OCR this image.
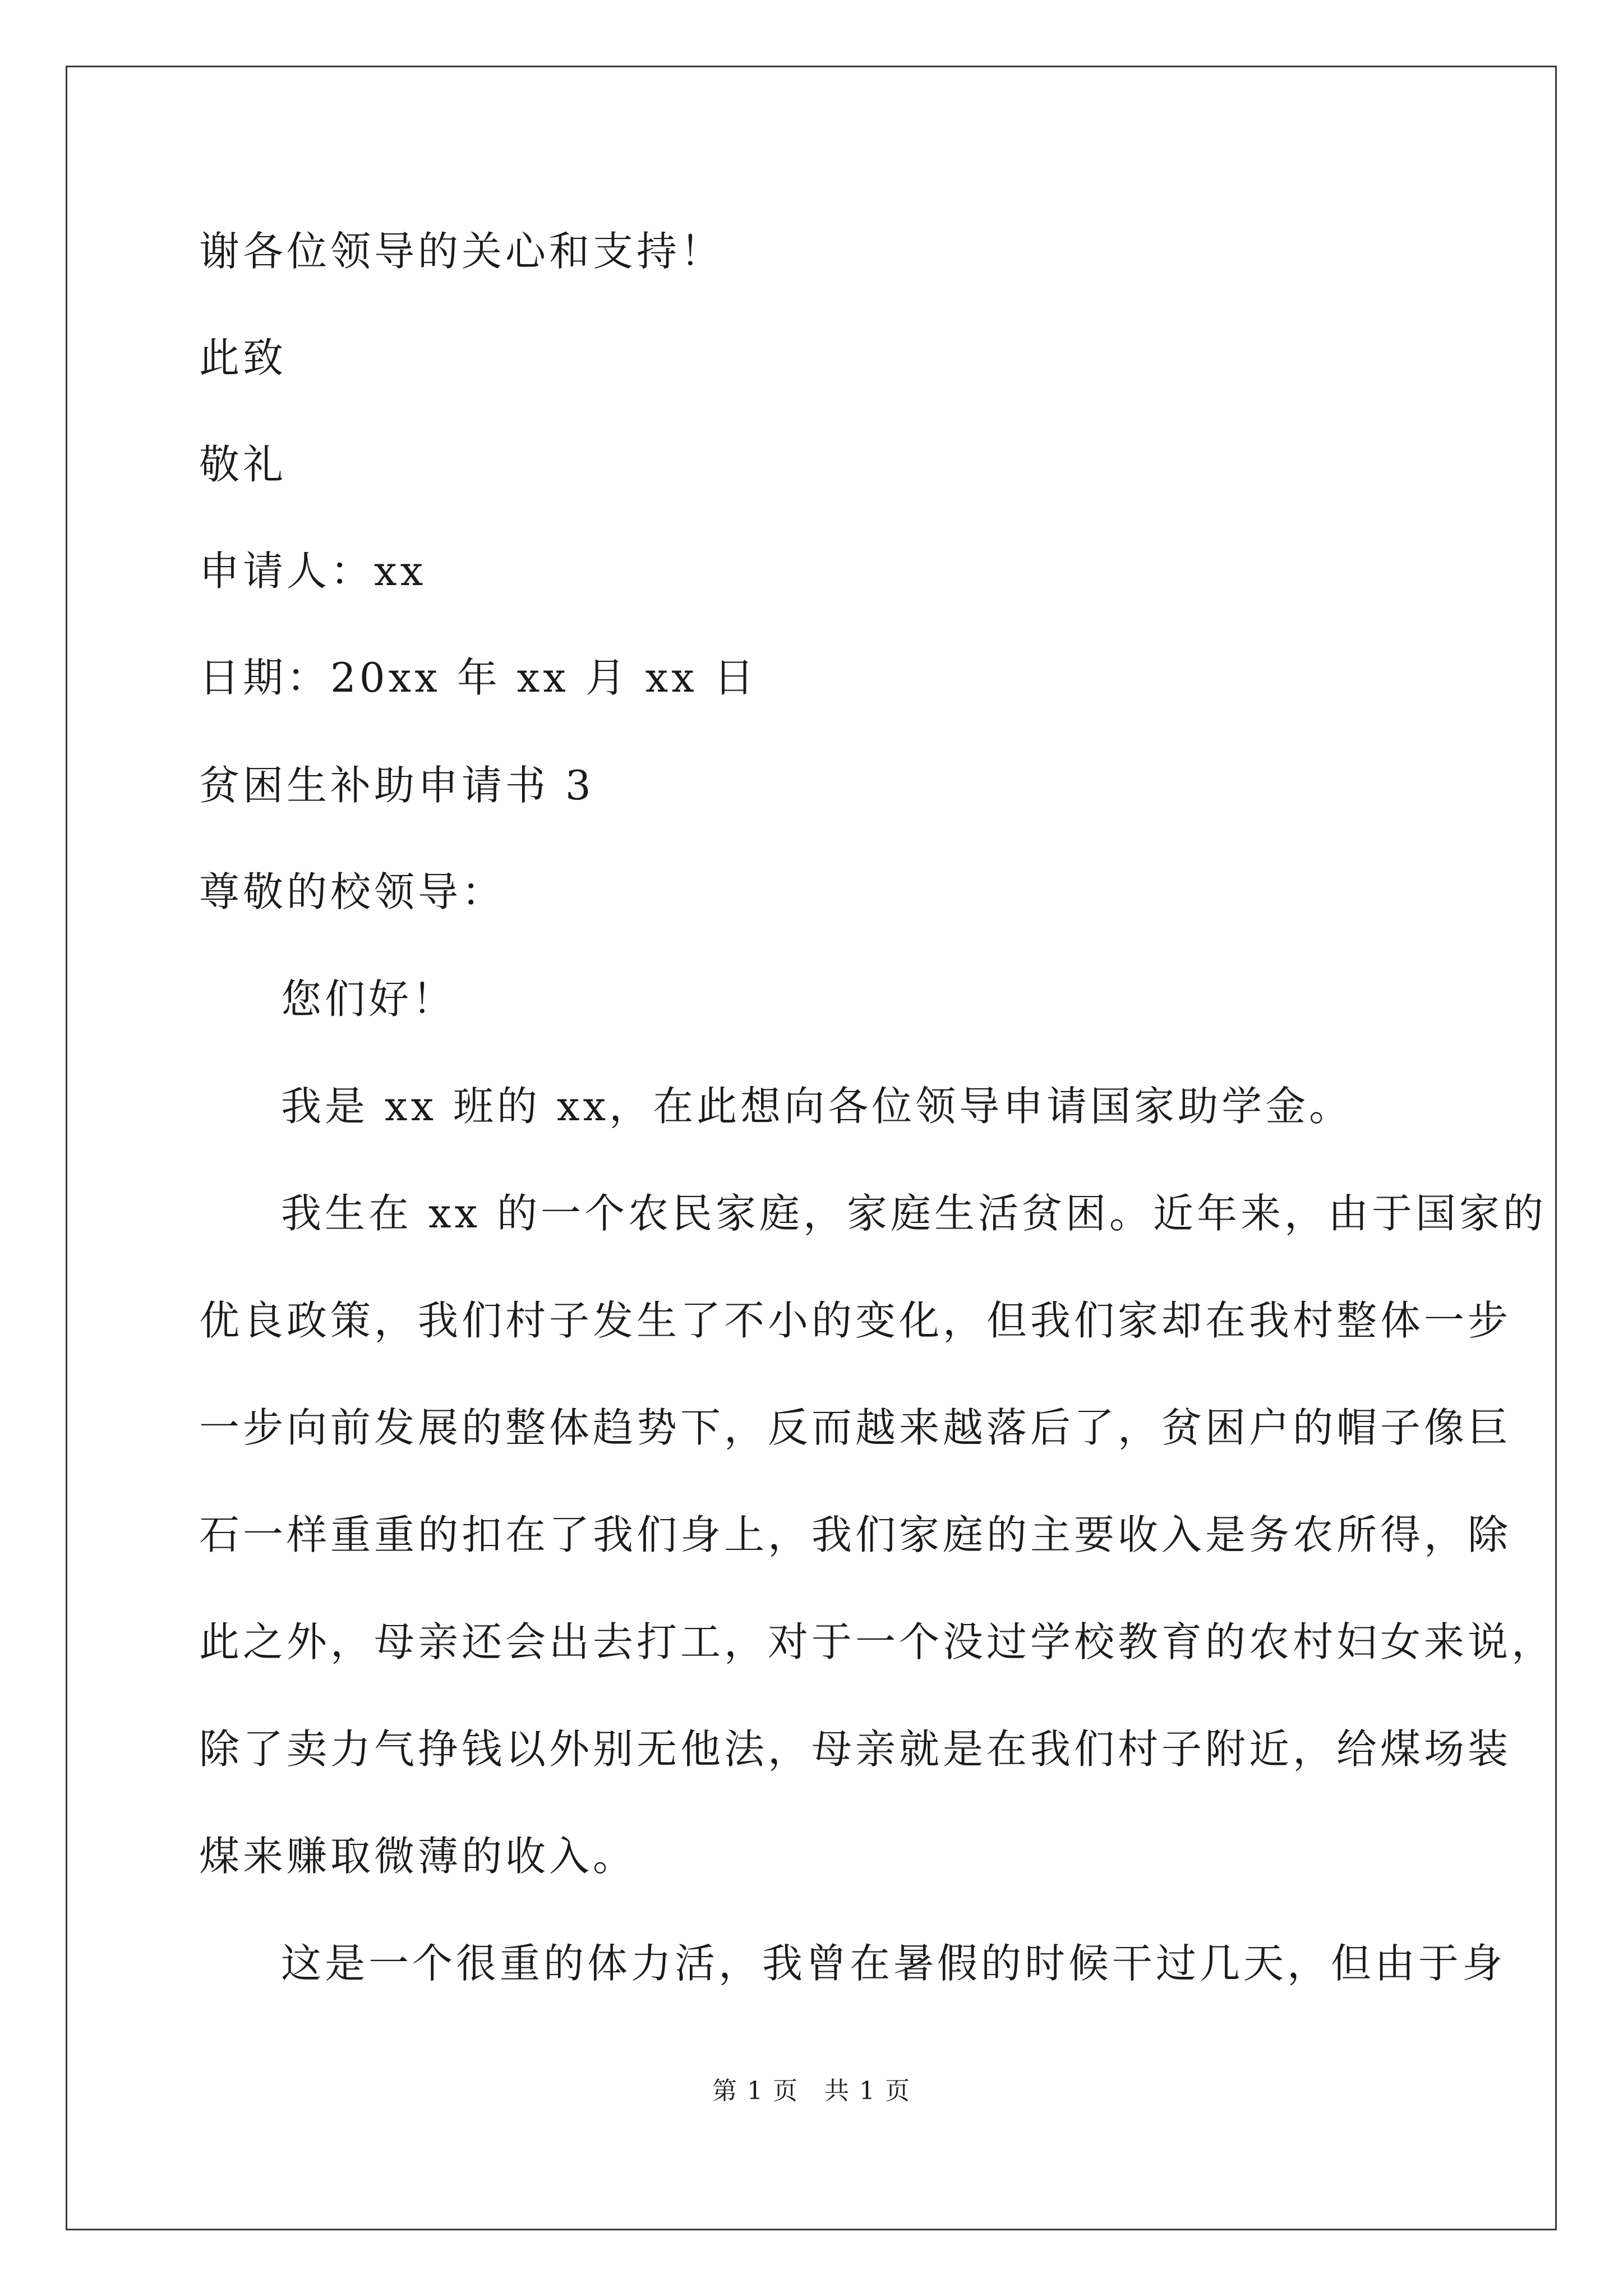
谢各位领导的关心和支持！
此致
敬礼
申请人：xx
日期：20xx 年 xx 月 xx 日
贫困生补助申请书 3
尊敬的校领导：
您们好！
我是 xx 班的 xx，在此想向各位领导申请国家助学金。
我生在 xx 的一个农民家庭，家庭生活贫困。近年来，由于国家的
优良政策，我们村子发生了不小的变化，但我们家却在我村整体一步
一步向前发展的整体趋势下，反而越来越落后了，贫困户的帽子像巨
石一样重重的扣在了我们身上，我们家庭的主要收入是务农所得，除
此之外，母亲还会出去打工，对于一个没过学校教育的农村妇女来说，
除了卖力气挣钱以外别无他法，母亲就是在我们村子附近，给煤场装
煤来赚取微薄的收入。
这是一个很重的体力活，我曾在暑假的时候干过几天，但由于身
第 1 页　共 1 页
